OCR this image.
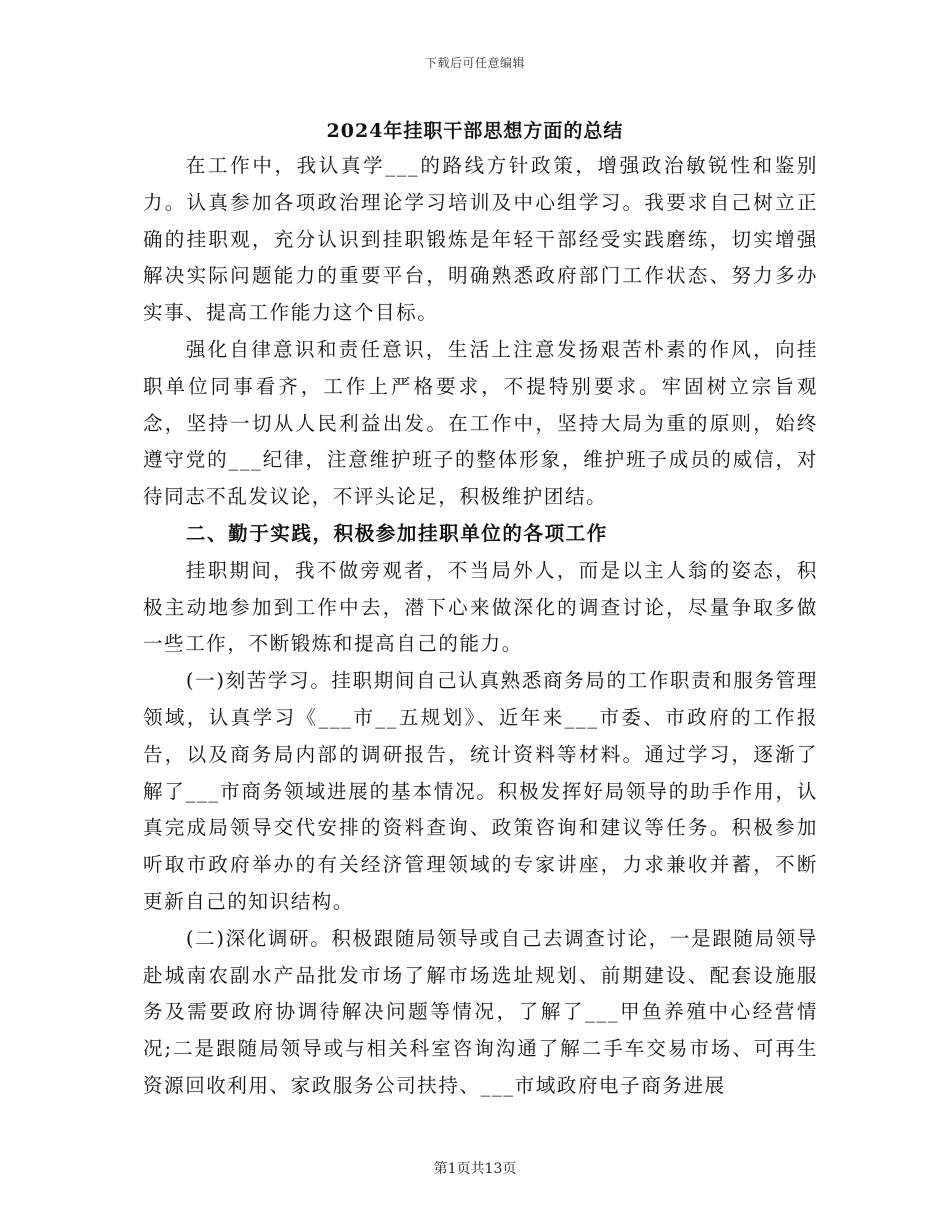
下载后可任意编辑
2024年挂职干部思想方面的总结

在工作中，我认真学___的路线方针政策，增强政治敏锐性和鉴别力。认真参加各项政治理论学习培训及中心组学习。我要求自己树立正确的挂职观，充分认识到挂职锻炼是年轻干部经受实践磨练，切实增强解决实际问题能力的重要平台，明确熟悉政府部门工作状态、努力多办实事、提高工作能力这个目标。

强化自律意识和责任意识，生活上注意发扬艰苦朴素的作风，向挂职单位同事看齐，工作上严格要求，不提特别要求。牢固树立宗旨观念，坚持一切从人民利益出发。在工作中，坚持大局为重的原则，始终遵守党的___纪律，注意维护班子的整体形象，维护班子成员的威信，对待同志不乱发议论，不评头论足，积极维护团结。

二、勤于实践，积极参加挂职单位的各项工作

挂职期间，我不做旁观者，不当局外人，而是以主人翁的姿态，积极主动地参加到工作中去，潜下心来做深化的调查讨论，尽量争取多做一些工作，不断锻炼和提高自己的能力。

(一)刻苦学习。挂职期间自己认真熟悉商务局的工作职责和服务管理领域，认真学习《___市__五规划》、近年来___市委、市政府的工作报告，以及商务局内部的调研报告，统计资料等材料。通过学习，逐渐了解了___市商务领域进展的基本情况。积极发挥好局领导的助手作用，认真完成局领导交代安排的资料查询、政策咨询和建议等任务。积极参加听取市政府举办的有关经济管理领域的专家讲座，力求兼收并蓄，不断更新自己的知识结构。

(二)深化调研。积极跟随局领导或自己去调查讨论，一是跟随局领导赴城南农副水产品批发市场了解市场选址规划、前期建设、配套设施服务及需要政府协调待解决问题等情况，了解了___甲鱼养殖中心经营情况;二是跟随局领导或与相关科室咨询沟通了解二手车交易市场、可再生资源回收利用、家政服务公司扶持、___市域政府电子商务进展

第1页共13页
